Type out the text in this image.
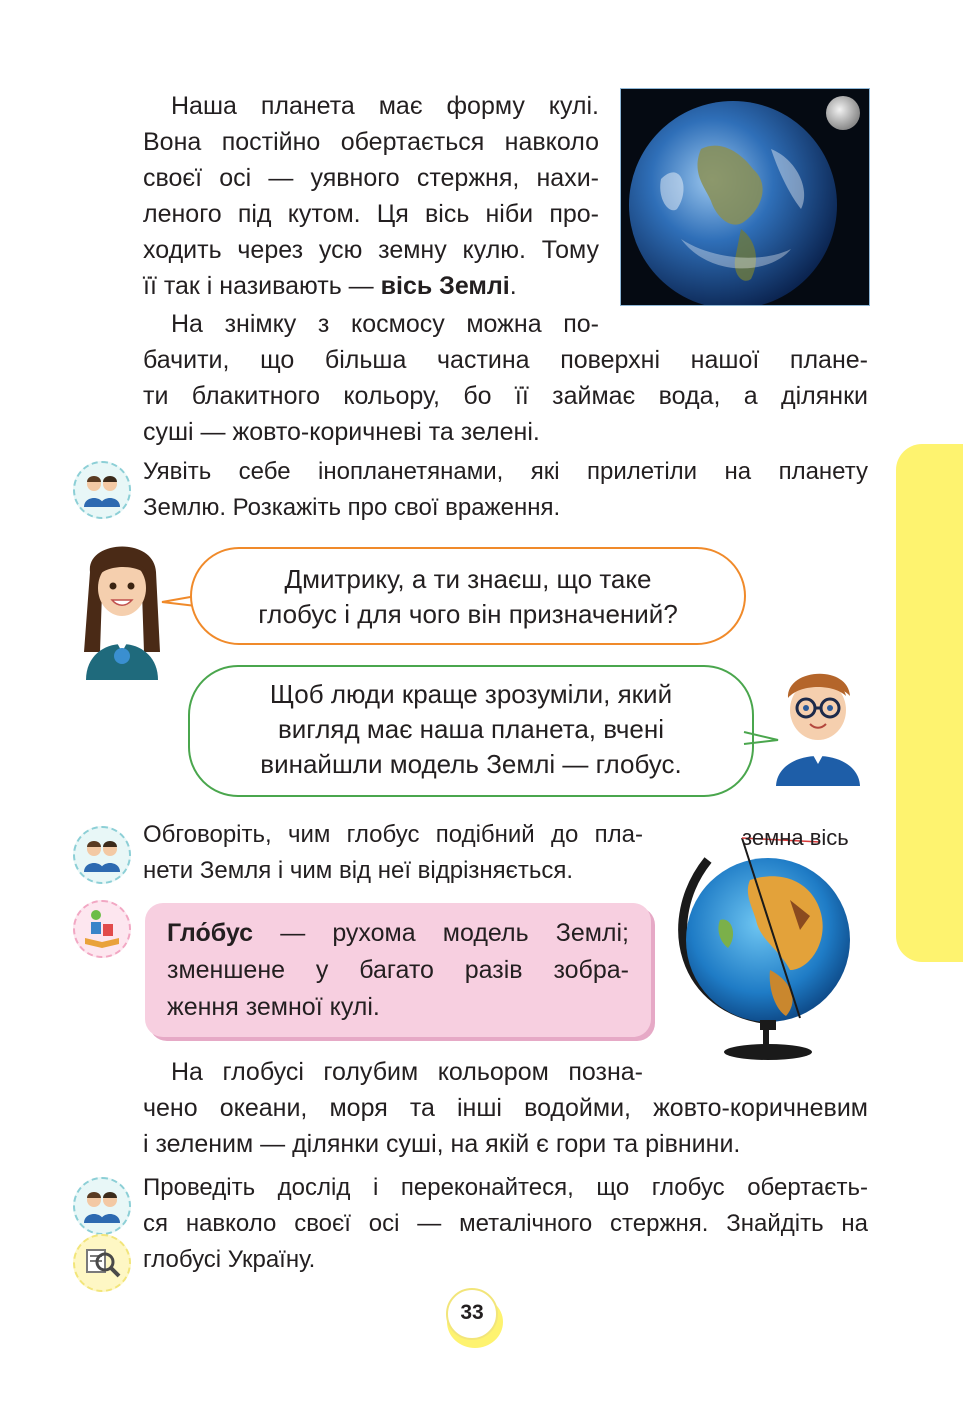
Наша планета має форму кулі.
Вона постійно обертається навколо
своєї осі — уявного стержня, нахи-
леного під кутом. Ця вісь ніби про-
ходить через усю земну кулю. Тому
її так і називають — вісь Землі.
На знімку з космосу можна по-
бачити, що більша частина поверхні нашої плане-
ти блакитного кольору, бо її займає вода, а ділянки
суші — жовто-коричневі та зелені.
Уявіть себе інопланетянами, які прилетіли на планету
Землю. Розкажіть про свої враження.

Дмитрику, а ти знаєш, що таке
глобус і для чого він призначений?

Щоб люди краще зрозуміли, який
вигляд має наша планета, вчені
винайшли модель Землі — глобус.

Обговоріть, чим глобус подібний до пла-
нети Земля і чим від неї відрізняється.
земна вісь
Гло́бус — рухома модель Землі;
зменшене у багато разів зобра-
ження земної кулі.
На глобусі голубим кольором позна-
чено океани, моря та інші водойми, жовто-коричневим
і зеленим — ділянки суші, на якій є гори та рівнини.
Проведіть дослід і переконайтеся, що глобус обертаєть-
ся навколо своєї осі — металічного стержня. Знайдіть на
глобусі Україну.
33
